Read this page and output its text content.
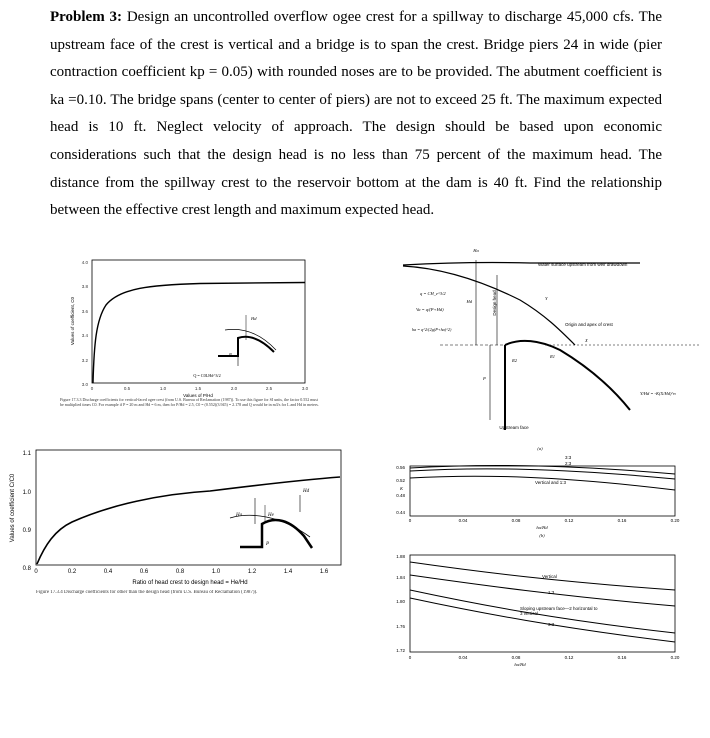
Problem 3: Design an uncontrolled overflow ogee crest for a spillway to discharge 45,000 cfs. The upstream face of the crest is vertical and a bridge is to span the crest. Bridge piers 24 in wide (pier contraction coefficient kp = 0.05) with rounded noses are to be provided. The abutment coefficient is ka =0.10. The bridge spans (center to center of piers) are not to exceed 25 ft. The maximum expected head is 10 ft. Neglect velocity of approach. The design should be based upon economic considerations such that the design head is no less than 75 percent of the maximum head. The distance from the spillway crest to the reservoir bottom at the dam is 40 ft. Find the relationship between the effective crest length and maximum expected head.
4.0
3.8
3.6
3.4
3.2
3.0
0	0.5	1.0	1.5	2.0	2.5	3.0
Values of P/Hd
Values of coefficient, C0	Hd
P
Q = C0LHd^3/2
Figure 17.3.3 Discharge coefficients for vertical-faced ogee crest (from U.S. Bureau of Reclamation (1987)). To use this figure for SI units, the factor 0.552 must be multiplied times C0. For example if P = 20 m and Hd = 6 m, then for P/Hd = 2.5, C0 = (0.552)(3.945) = 2.178 and Q would be in m3/s for L and Hd in meters.
1.1
1.0
0.9
0.8 0	0.2	0.4	0.6	0.8	1.0	1.2	1.4	1.6
Ratio of head crest to design head = He/Hd
Values of coefficient C/C0	Ha	He
Hd
P
Figure 17.3.4 Discharge coefficients for other than the design head (from U.S. Bureau of Reclamation (1987)).
Water surface upstream from weir drawdown
Ha
Design head
Hd
P
Y
X
R1
R2
Origin and apex of crest
Upstream face
(a)
Y/Hd = -K(X/Hd)^n
q = CH_e^3/2
Va = q/(P+Hd)
ha = q^2/(2g(P+ha)^2)
0.56
0.52
0.48
0.44
K
0	0.04	0.08	0.12	0.16	0.20
ha/Hd
(b)
3:3
2:3
Vertical and 1:3
1.88
1.84
1.80
1.76
1.72
0	0.04	0.08	0.12	0.16	0.20
ha/Hd
Vertical
1:3
Sloping upstream face—2 horizontal to 3 vertical
3:3
